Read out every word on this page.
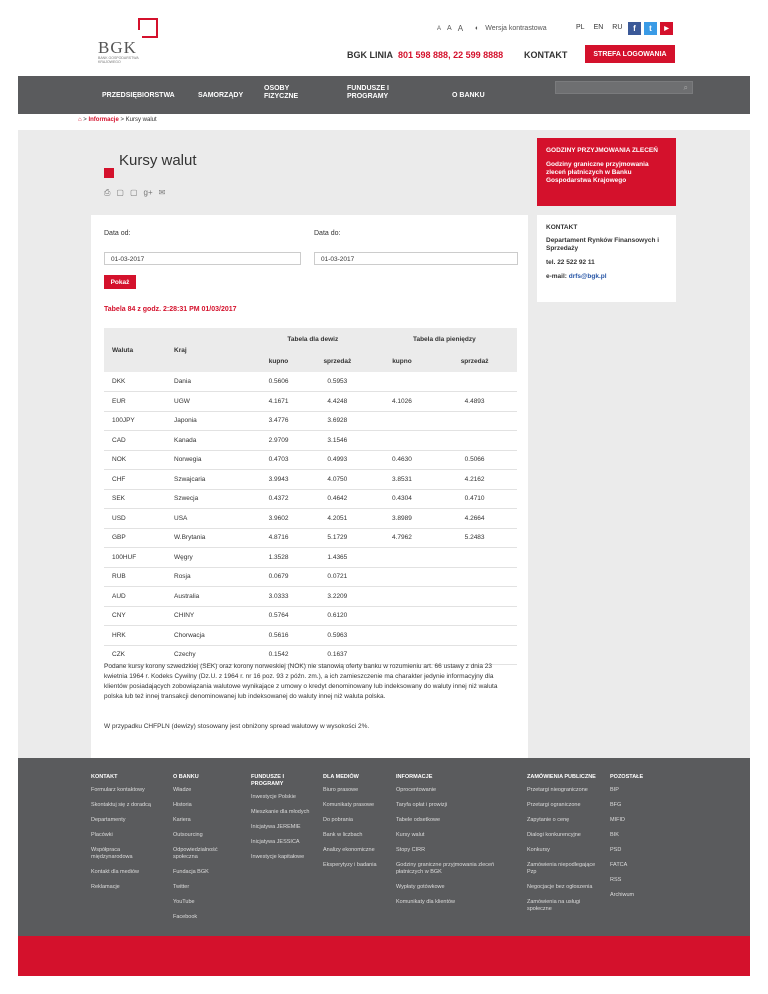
BGK
BANK GOSPODARSTWA KRAJOWEGO
A A A ◐ Wersja kontrastowa	PL EN RU	f	t	▶
BGK LINIA 801 598 888, 22 599 8888 KONTAKT	STREFA LOGOWANIA
PRZEDSIĘBIORSTWA	SAMORZĄDY
OSOBY FIZYCZNE
FUNDUSZE I PROGRAMY	O BANKU
⌕
⌂ > Informacje > Kursy walut
Kursy walut
⎙ ▢ ▢ g+ ✉
GODZINY PRZYJMOWANIA ZLECEŃ

Godziny graniczne przyjmowania zleceń płatniczych w Banku Gospodarstwa Krajowego

KONTAKT

Departament Rynków Finansowych i Sprzedaży

tel. 22 522 92 11

e-mail: drfs@bgk.pl

Data od:	Data do:
01-03-2017	01-03-2017
Pokaż
Tabela 84 z godz. 2:28:31 PM 01/03/2017
Waluta	Kraj	Tabela dla dewiz		Tabela dla pieniędzy	
		kupno	sprzedaż	kupno	sprzedaż
DKK	Dania	0.5606	0.5953		
EUR	UGW	4.1671	4.4248	4.1026	4.4893
100JPY	Japonia	3.4776	3.6928		
CAD	Kanada	2.9709	3.1546		
NOK	Norwegia	0.4703	0.4993	0.4630	0.5066
CHF	Szwajcaria	3.9943	4.0750	3.8531	4.2162
SEK	Szwecja	0.4372	0.4642	0.4304	0.4710
USD	USA	3.9602	4.2051	3.8989	4.2664
GBP	W.Brytania	4.8716	5.1729	4.7962	5.2483
100HUF	Węgry	1.3528	1.4365		
RUB	Rosja	0.0679	0.0721		
AUD	Australia	3.0333	3.2209		
CNY	CHINY	0.5764	0.6120		
HRK	Chorwacja	0.5616	0.5963		
CZK	Czechy	0.1542	0.1637		
Podane kursy korony szwedzkiej (SEK) oraz korony norweskiej (NOK) nie stanowią oferty banku w rozumieniu art. 66 ustawy z dnia 23 kwietnia 1964 r. Kodeks Cywilny (Dz.U. z 1964 r. nr 16 poz. 93 z późn. zm.), a ich zamieszczenie ma charakter jedynie informacyjny dla klientów posiadających zobowiązania walutowe wynikające z umowy o kredyt denominowany lub indeksowany do waluty innej niż waluta polska lub też innej transakcji denominowanej lub indeksowanej do waluty innej niż waluta polska.
W przypadku CHFPLN (dewizy) stosowany jest obniżony spread walutowy w wysokości 2%.
KONTAKT
Formularz kontaktowy
Skontaktuj się z doradcą
Departamenty
Placówki
Współpraca międzynarodowa
Kontakt dla mediów
Reklamacje
O BANKU
Władze
Historia
Kariera
Outsourcing
Odpowiedzialność społeczna
Fundacja BGK
Twitter
YouTube
Facebook
FUNDUSZE I PROGRAMY
Inwestycje Polskie
Mieszkanie dla młodych
Inicjatywa JEREMIE
Inicjatywa JESSICA
Inwestycje kapitałowe
DLA MEDIÓW
Biuro prasowe
Komunikaty prasowe
Do pobrania
Bank w liczbach
Analizy ekonomiczne
Eksperytyzy i badania
INFORMACJE
Oprocentowanie
Taryfa opłat i prowizji
Tabele odsetkowe
Kursy walut
Stopy CIRR
Godziny graniczne przyjmowania zleceń płatniczych w BGK
Wypłaty gotówkowe
Komunikaty dla klientów
ZAMÓWIENIA PUBLICZNE
Przetargi nieograniczone
Przetargi ograniczone
Zapytanie o cenę
Dialogi konkurencyjne
Konkursy
Zamówienia niepodlegające Pzp
Negocjacje bez ogłoszenia
Zamówienia na usługi społeczne
POZOSTAŁE
BIP
BFG
MIFID
BIK
PSD
FATCA
RSS
Archiwum
